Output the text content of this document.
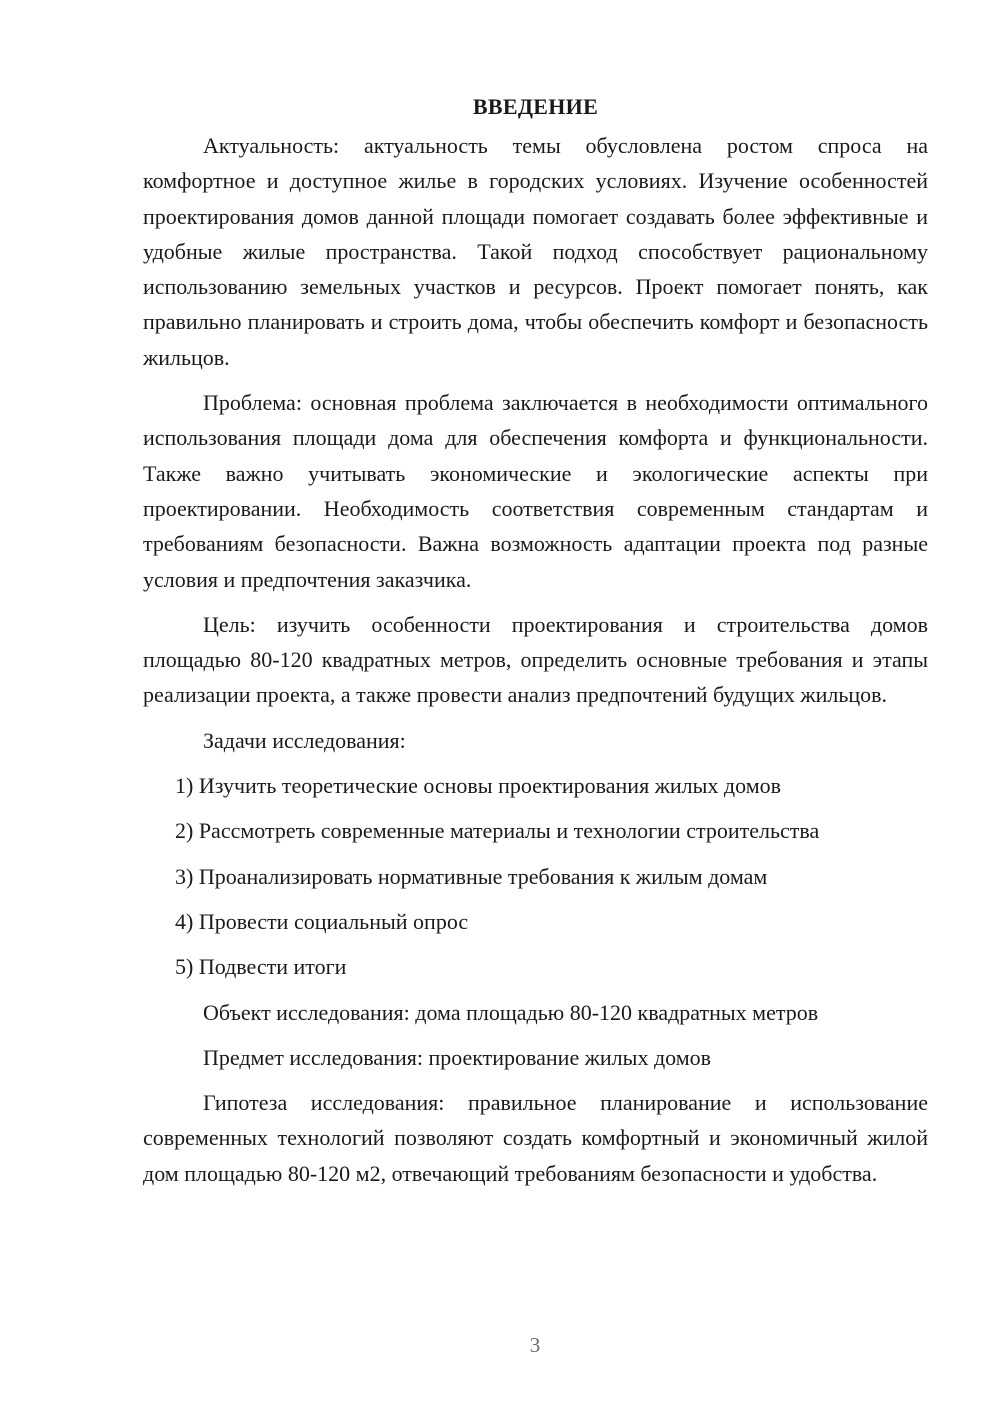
ВВЕДЕНИЕ

Актуальность: актуальность темы обусловлена ростом спроса на комфортное и доступное жилье в городских условиях. Изучение особенностей проектирования домов данной площади помогает создавать более эффективные и удобные жилые пространства. Такой подход способствует рациональному использованию земельных участков и ресурсов. Проект помогает понять, как правильно планировать и строить дома, чтобы обеспечить комфорт и безопасность жильцов.

Проблема: основная проблема заключается в необходимости оптимального использования площади дома для обеспечения комфорта и функциональности. Также важно учитывать экономические и экологические аспекты при проектировании. Необходимость соответствия современным стандартам и требованиям безопасности. Важна возможность адаптации проекта под разные условия и предпочтения заказчика.

Цель: изучить особенности проектирования и строительства домов площадью 80-120 квадратных метров, определить основные требования и этапы реализации проекта, а также провести анализ предпочтений будущих жильцов.

Задачи исследования:

1) Изучить теоретические основы проектирования жилых домов
2) Рассмотреть современные материалы и технологии строительства
3) Проанализировать нормативные требования к жилым домам
4) Провести социальный опрос
5) Подвести итоги

Объект исследования: дома площадью 80-120 квадратных метров

Предмет исследования: проектирование жилых домов

Гипотеза исследования: правильное планирование и использование современных технологий позволяют создать комфортный и экономичный жилой дом площадью 80-120 м2, отвечающий требованиям безопасности и удобства.

3
